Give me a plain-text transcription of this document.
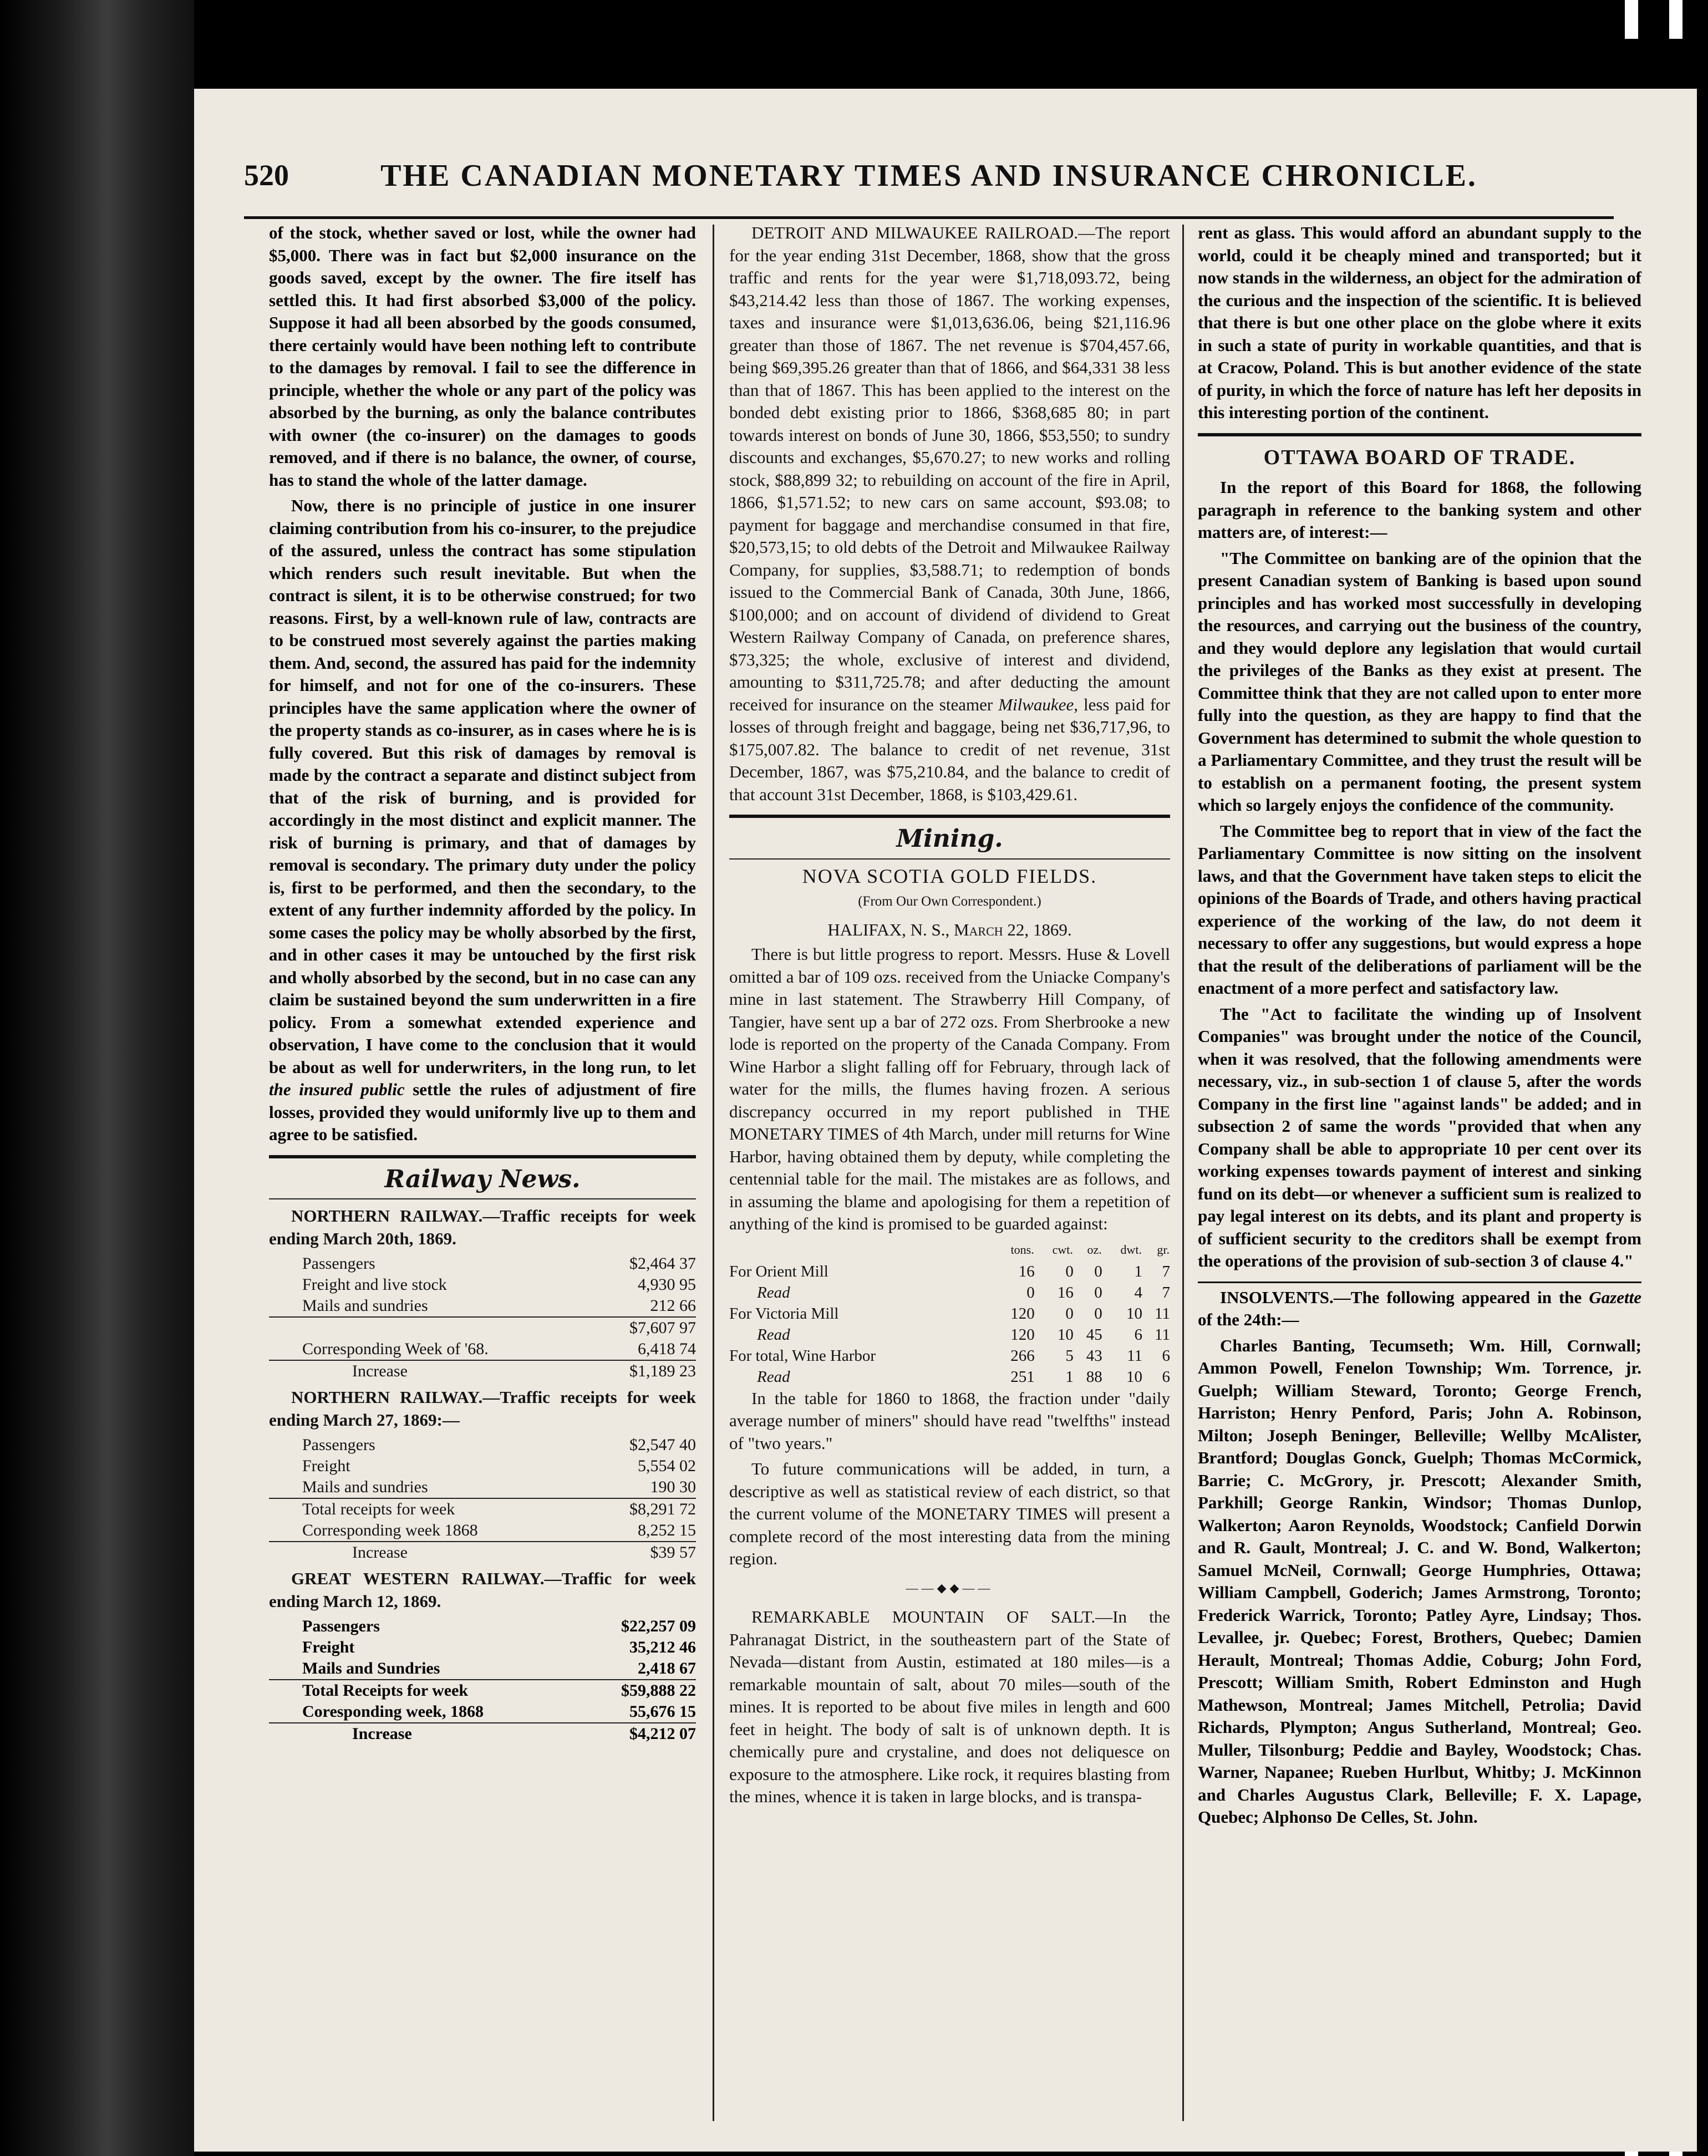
520	THE CANADIAN MONETARY TIMES AND INSURANCE CHRONICLE.

of the stock, whether saved or lost, while the owner had $5,000. There was in fact but $2,000 insurance on the goods saved, except by the owner. The fire itself has settled this. It had first absorbed $3,000 of the policy. Suppose it had all been absorbed by the goods consumed, there certainly would have been nothing left to contribute to the damages by removal. I fail to see the difference in principle, whether the whole or any part of the policy was absorbed by the burning, as only the balance contributes with owner (the co-insurer) on the damages to goods removed, and if there is no balance, the owner, of course, has to stand the whole of the latter damage.

Now, there is no principle of justice in one insurer claiming contribution from his co-insurer, to the prejudice of the assured, unless the contract has some stipulation which renders such result inevitable. But when the contract is silent, it is to be otherwise construed; for two reasons. First, by a well-known rule of law, contracts are to be construed most severely against the parties making them. And, second, the assured has paid for the indemnity for himself, and not for one of the co-insurers. These principles have the same application where the owner of the property stands as co-insurer, as in cases where he is is fully covered. But this risk of damages by removal is made by the contract a separate and distinct subject from that of the risk of burning, and is provided for accordingly in the most distinct and explicit manner. The risk of burning is primary, and that of damages by removal is secondary. The primary duty under the policy is, first to be performed, and then the secondary, to the extent of any further indemnity afforded by the policy. In some cases the policy may be wholly absorbed by the first, and in other cases it may be untouched by the first risk and wholly absorbed by the second, but in no case can any claim be sustained beyond the sum underwritten in a fire policy. From a somewhat extended experience and observation, I have come to the conclusion that it would be about as well for underwriters, in the long run, to let the insured public settle the rules of adjustment of fire losses, provided they would uniformly live up to them and agree to be satisfied.

Railway News.

NORTHERN RAILWAY.—Traffic receipts for week ending March 20th, 1869.

Passengers	$2,464 37
Freight and live stock	4,930 95
Mails and sundries	212 66
	$7,607 97
Corresponding Week of '68.	6,418 74
Increase	$1,189 23

NORTHERN RAILWAY.—Traffic receipts for week ending March 27, 1869:—

Passengers	$2,547 40
Freight	5,554 02
Mails and sundries	190 30
Total receipts for week	$8,291 72
Corresponding week 1868	8,252 15
Increase	$39 57

GREAT WESTERN RAILWAY.—Traffic for week ending March 12, 1869.

Passengers	$22,257 09
Freight	35,212 46
Mails and Sundries	2,418 67
Total Receipts for week	$59,888 22
Coresponding week, 1868	55,676 15
Increase	$4,212 07

DETROIT AND MILWAUKEE RAILROAD.—The report for the year ending 31st December, 1868, show that the gross traffic and rents for the year were $1,718,093.72, being $43,214.42 less than those of 1867. The working expenses, taxes and insurance were $1,013,636.06, being $21,116.96 greater than those of 1867. The net revenue is $704,457.66, being $69,395.26 greater than that of 1866, and $64,331 38 less than that of 1867. This has been applied to the interest on the bonded debt existing prior to 1866, $368,685 80; in part towards interest on bonds of June 30, 1866, $53,550; to sundry discounts and exchanges, $5,670.27; to new works and rolling stock, $88,899 32; to rebuilding on account of the fire in April, 1866, $1,571.52; to new cars on same account, $93.08; to payment for baggage and merchandise consumed in that fire, $20,573,15; to old debts of the Detroit and Milwaukee Railway Company, for supplies, $3,588.71; to redemption of bonds issued to the Commercial Bank of Canada, 30th June, 1866, $100,000; and on account of dividend of dividend to Great Western Railway Company of Canada, on preference shares, $73,325; the whole, exclusive of interest and dividend, amounting to $311,725.78; and after deducting the amount received for insurance on the steamer Milwaukee, less paid for losses of through freight and baggage, being net $36,717,96, to $175,007.82. The balance to credit of net revenue, 31st December, 1867, was $75,210.84, and the balance to credit of that account 31st December, 1868, is $103,429.61.

Mining.
NOVA SCOTIA GOLD FIELDS.
(From Our Own Correspondent.)
HALIFAX, N. S., March 22, 1869.

There is but little progress to report. Messrs. Huse & Lovell omitted a bar of 109 ozs. received from the Uniacke Company's mine in last statement. The Strawberry Hill Company, of Tangier, have sent up a bar of 272 ozs. From Sherbrooke a new lode is reported on the property of the Canada Company. From Wine Harbor a slight falling off for February, through lack of water for the mills, the flumes having frozen. A serious discrepancy occurred in my report published in THE MONETARY TIMES of 4th March, under mill returns for Wine Harbor, having obtained them by deputy, while completing the centennial table for the mail. The mistakes are as follows, and in assuming the blame and apologising for them a repetition of anything of the kind is promised to be guarded against:

	tons.	cwt.	oz.	dwt.	gr.
For Orient Mill	16	0	0	1	7
Read	0	16	0	4	7
For Victoria Mill	120	0	0	10	11
Read	120	10	45	6	11
For total, Wine Harbor	266	5	43	11	6
Read	251	1	88	10	6

In the table for 1860 to 1868, the fraction under "daily average number of miners" should have read "twelfths" instead of "two years."

To future communications will be added, in turn, a descriptive as well as statistical review of each district, so that the current volume of the MONETARY TIMES will present a complete record of the most interesting data from the mining region.

——◆◆——

REMARKABLE MOUNTAIN OF SALT.—In the Pahranagat District, in the southeastern part of the State of Nevada—distant from Austin, estimated at 180 miles—is a remarkable mountain of salt, about 70 miles—south of the mines. It is reported to be about five miles in length and 600 feet in height. The body of salt is of unknown depth. It is chemically pure and crystaline, and does not deliquesce on exposure to the atmosphere. Like rock, it requires blasting from the mines, whence it is taken in large blocks, and is transpa-

rent as glass. This would afford an abundant supply to the world, could it be cheaply mined and transported; but it now stands in the wilderness, an object for the admiration of the curious and the inspection of the scientific. It is believed that there is but one other place on the globe where it exits in such a state of purity in workable quantities, and that is at Cracow, Poland. This is but another evidence of the state of purity, in which the force of nature has left her deposits in this interesting portion of the continent.

OTTAWA BOARD OF TRADE.

In the report of this Board for 1868, the following paragraph in reference to the banking system and other matters are, of interest:—

"The Committee on banking are of the opinion that the present Canadian system of Banking is based upon sound principles and has worked most successfully in developing the resources, and carrying out the business of the country, and they would deplore any legislation that would curtail the privileges of the Banks as they exist at present. The Committee think that they are not called upon to enter more fully into the question, as they are happy to find that the Government has determined to submit the whole question to a Parliamentary Committee, and they trust the result will be to establish on a permanent footing, the present system which so largely enjoys the confidence of the community.

The Committee beg to report that in view of the fact the Parliamentary Committee is now sitting on the insolvent laws, and that the Government have taken steps to elicit the opinions of the Boards of Trade, and others having practical experience of the working of the law, do not deem it necessary to offer any suggestions, but would express a hope that the result of the deliberations of parliament will be the enactment of a more perfect and satisfactory law.

The "Act to facilitate the winding up of Insolvent Companies" was brought under the notice of the Council, when it was resolved, that the following amendments were necessary, viz., in sub-section 1 of clause 5, after the words Company in the first line "against lands" be added; and in subsection 2 of same the words "provided that when any Company shall be able to appropriate 10 per cent over its working expenses towards payment of interest and sinking fund on its debt—or whenever a sufficient sum is realized to pay legal interest on its debts, and its plant and property is of sufficient security to the creditors shall be exempt from the operations of the provision of sub-section 3 of clause 4."

INSOLVENTS.—The following appeared in the Gazette of the 24th:—

Charles Banting, Tecumseth; Wm. Hill, Cornwall; Ammon Powell, Fenelon Township; Wm. Torrence, jr. Guelph; William Steward, Toronto; George French, Harriston; Henry Penford, Paris; John A. Robinson, Milton; Joseph Beninger, Belleville; Wellby McAlister, Brantford; Douglas Gonck, Guelph; Thomas McCormick, Barrie; C. McGrory, jr. Prescott; Alexander Smith, Parkhill; George Rankin, Windsor; Thomas Dunlop, Walkerton; Aaron Reynolds, Woodstock; Canfield Dorwin and R. Gault, Montreal; J. C. and W. Bond, Walkerton; Samuel McNeil, Cornwall; George Humphries, Ottawa; William Campbell, Goderich; James Armstrong, Toronto; Frederick Warrick, Toronto; Patley Ayre, Lindsay; Thos. Levallee, jr. Quebec; Forest, Brothers, Quebec; Damien Herault, Montreal; Thomas Addie, Coburg; John Ford, Prescott; William Smith, Robert Edminston and Hugh Mathewson, Montreal; James Mitchell, Petrolia; David Richards, Plympton; Angus Sutherland, Montreal; Geo. Muller, Tilsonburg; Peddie and Bayley, Woodstock; Chas. Warner, Napanee; Rueben Hurlbut, Whitby; J. McKinnon and Charles Augustus Clark, Belleville; F. X. Lapage, Quebec; Alphonso De Celles, St. John.
